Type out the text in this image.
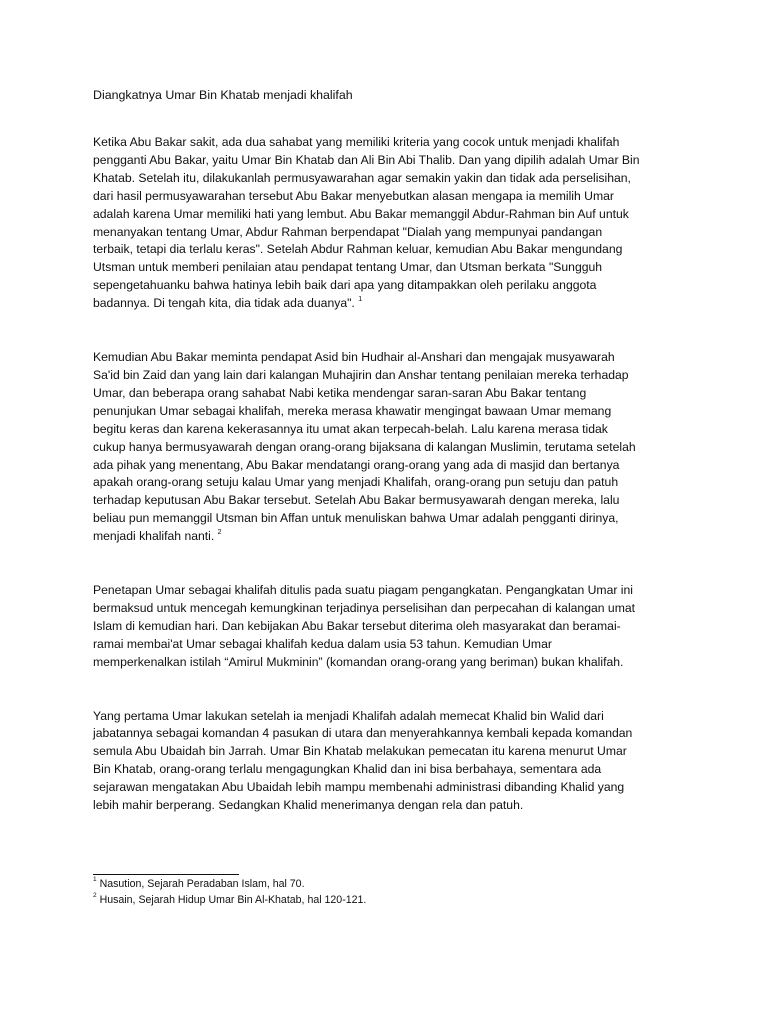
Diangkatnya Umar Bin Khatab menjadi khalifah
Ketika Abu Bakar sakit, ada dua sahabat yang memiliki kriteria yang cocok untuk menjadi khalifah
pengganti Abu Bakar, yaitu Umar Bin Khatab dan Ali Bin Abi Thalib. Dan yang dipilih adalah Umar Bin
Khatab. Setelah itu, dilakukanlah permusyawarahan agar semakin yakin dan tidak ada perselisihan,
dari hasil permusyawarahan tersebut Abu Bakar menyebutkan alasan mengapa ia memilih Umar
adalah karena Umar memiliki hati yang lembut. Abu Bakar memanggil Abdur-Rahman bin Auf untuk
menanyakan tentang Umar, Abdur Rahman berpendapat "Dialah yang mempunyai pandangan
terbaik, tetapi dia terlalu keras". Setelah Abdur Rahman keluar, kemudian Abu Bakar mengundang
Utsman untuk memberi penilaian atau pendapat tentang Umar, dan Utsman berkata "Sungguh
sepengetahuanku bahwa hatinya lebih baik dari apa yang ditampakkan oleh perilaku anggota
badannya. Di tengah kita, dia tidak ada duanya". $^1$
Kemudian Abu Bakar meminta pendapat Asid bin Hudhair al-Anshari dan mengajak musyawarah
Sa'id bin Zaid dan yang lain dari kalangan Muhajirin dan Anshar tentang penilaian mereka terhadap
Umar, dan beberapa orang sahabat Nabi ketika mendengar saran-saran Abu Bakar tentang
penunjukan Umar sebagai khalifah, mereka merasa khawatir mengingat bawaan Umar memang
begitu keras dan karena kekerasannya itu umat akan terpecah-belah. Lalu karena merasa tidak
cukup hanya bermusyawarah dengan orang-orang bijaksana di kalangan Muslimin, terutama setelah
ada pihak yang menentang, Abu Bakar mendatangi orang-orang yang ada di masjid dan bertanya
apakah orang-orang setuju kalau Umar yang menjadi Khalifah, orang-orang pun setuju dan patuh
terhadap keputusan Abu Bakar tersebut. Setelah Abu Bakar bermusyawarah dengan mereka, lalu
beliau pun memanggil Utsman bin Affan untuk menuliskan bahwa Umar adalah pengganti dirinya,
menjadi khalifah nanti. $^2$
Penetapan Umar sebagai khalifah ditulis pada suatu piagam pengangkatan. Pengangkatan Umar ini
bermaksud untuk mencegah kemungkinan terjadinya perselisihan dan perpecahan di kalangan umat
Islam di kemudian hari. Dan kebijakan Abu Bakar tersebut diterima oleh masyarakat dan beramai-
ramai membai'at Umar sebagai khalifah kedua dalam usia 53 tahun. Kemudian Umar
memperkenalkan istilah “Amirul Mukminin” (komandan orang-orang yang beriman) bukan khalifah.
Yang pertama Umar lakukan setelah ia menjadi Khalifah adalah memecat Khalid bin Walid dari
jabatannya sebagai komandan 4 pasukan di utara dan menyerahkannya kembali kepada komandan
semula Abu Ubaidah bin Jarrah. Umar Bin Khatab melakukan pemecatan itu karena menurut Umar
Bin Khatab, orang-orang terlalu mengagungkan Khalid dan ini bisa berbahaya, sementara ada
sejarawan mengatakan Abu Ubaidah lebih mampu membenahi administrasi dibanding Khalid yang
lebih mahir berperang. Sedangkan Khalid menerimanya dengan rela dan patuh.
$^1$ Nasution, Sejarah Peradaban Islam, hal 70.
$^2$ Husain, Sejarah Hidup Umar Bin Al-Khatab, hal 120-121.
